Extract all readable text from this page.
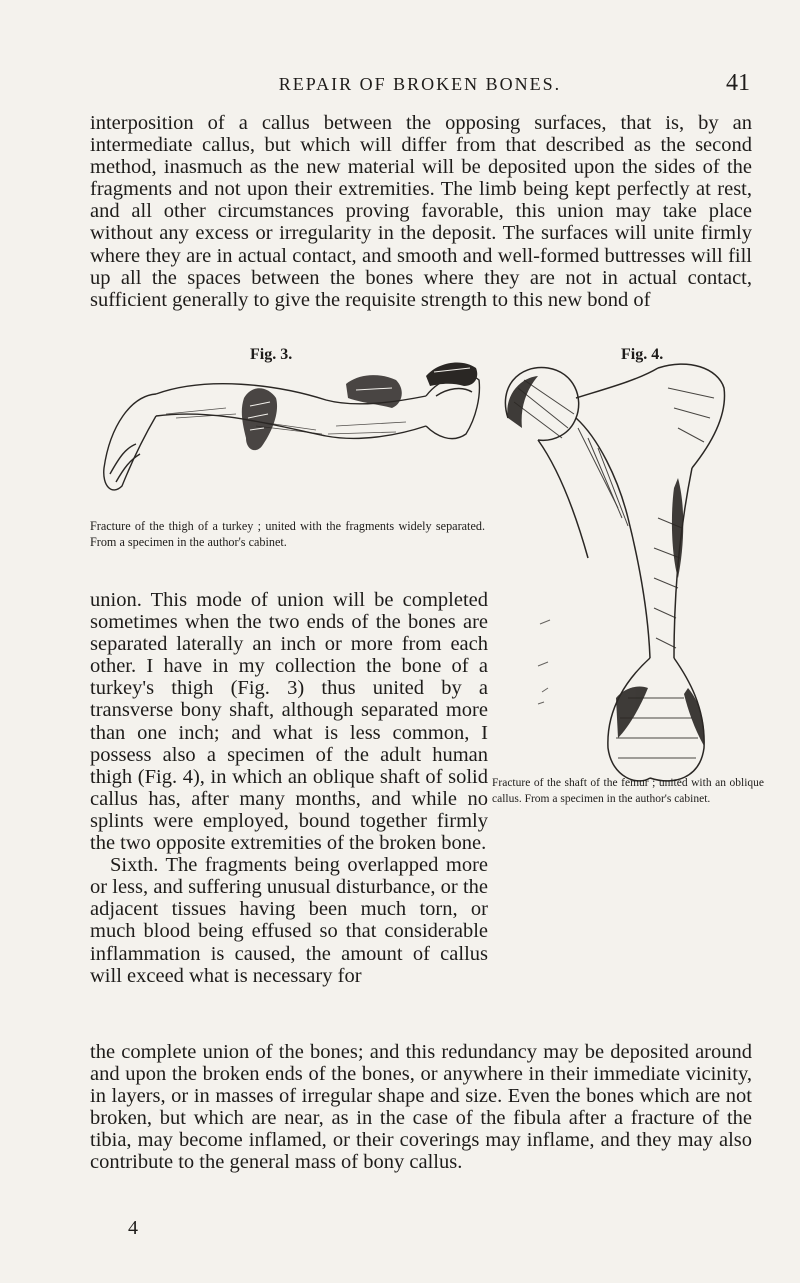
REPAIR OF BROKEN BONES.	41

interposition of a callus between the opposing surfaces, that is, by an intermediate callus, but which will differ from that described as the second method, inasmuch as the new material will be deposited upon the sides of the fragments and not upon their extremities. The limb being kept perfectly at rest, and all other circumstances proving favorable, this union may take place without any excess or irregularity in the deposit. The surfaces will unite firmly where they are in actual contact, and smooth and well-formed buttresses will fill up all the spaces between the bones where they are not in actual contact, sufficient generally to give the requisite strength to this new bond of

Fig. 3.	Fig. 4.

Fracture of the thigh of a turkey ; united with the fragments widely separated. From a specimen in the author's cabinet.

Fracture of the shaft of the femur ; united with an oblique callus. From a specimen in the author's cabinet.

union. This mode of union will be completed sometimes when the two ends of the bones are separated laterally an inch or more from each other. I have in my collection the bone of a turkey's thigh (Fig. 3) thus united by a transverse bony shaft, although separated more than one inch; and what is less common, I possess also a specimen of the adult human thigh (Fig. 4), in which an oblique shaft of solid callus has, after many months, and while no splints were employed, bound together firmly the two opposite extremities of the broken bone.

Sixth. The fragments being overlapped more or less, and suffering unusual disturbance, or the adjacent tissues having been much torn, or much blood being effused so that considerable inflammation is caused, the amount of callus will exceed what is necessary for

the complete union of the bones; and this redundancy may be deposited around and upon the broken ends of the bones, or anywhere in their immediate vicinity, in layers, or in masses of irregular shape and size. Even the bones which are not broken, but which are near, as in the case of the fibula after a fracture of the tibia, may become inflamed, or their coverings may inflame, and they may also contribute to the general mass of bony callus.

4
